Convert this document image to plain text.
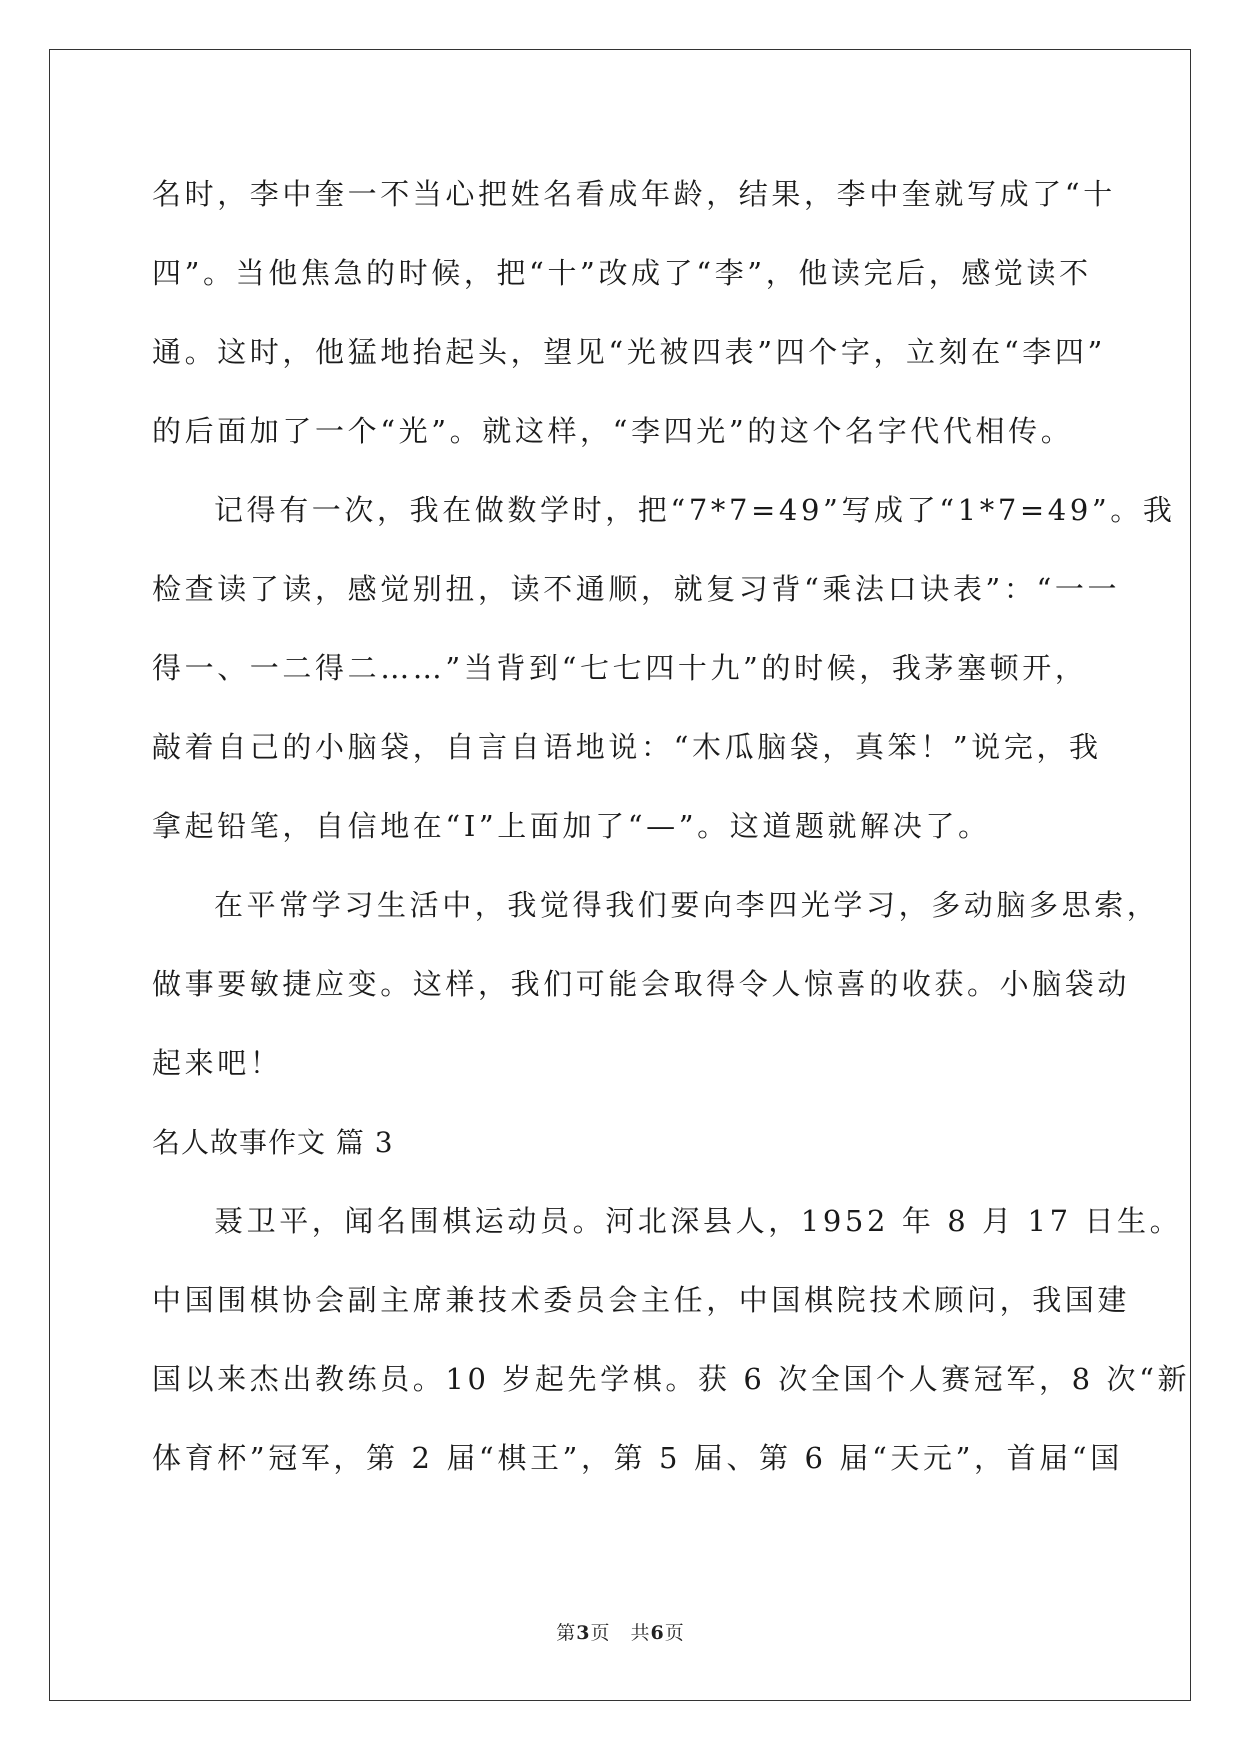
名时，李中奎一不当心把姓名看成年龄，结果，李中奎就写成了“十
四”。当他焦急的时候，把“十”改成了“李”，他读完后，感觉读不
通。这时，他猛地抬起头，望见“光被四表”四个字，立刻在“李四”
的后面加了一个“光”。就这样，“李四光”的这个名字代代相传。
记得有一次，我在做数学时，把“7*7=49”写成了“1*7=49”。我
检查读了读，感觉别扭，读不通顺，就复习背“乘法口诀表”：“一一
得一、一二得二……”当背到“七七四十九”的时候，我茅塞顿开，
敲着自己的小脑袋，自言自语地说：“木瓜脑袋，真笨！”说完，我
拿起铅笔，自信地在“I”上面加了“—”。这道题就解决了。
在平常学习生活中，我觉得我们要向李四光学习，多动脑多思索，
做事要敏捷应变。这样，我们可能会取得令人惊喜的收获。小脑袋动
起来吧！
名人故事作文 篇 3
聂卫平，闻名围棋运动员。河北深县人，1952 年 8 月 17 日生。
中国围棋协会副主席兼技术委员会主任，中国棋院技术顾问，我国建
国以来杰出教练员。10 岁起先学棋。获 6 次全国个人赛冠军，8 次“新
体育杯”冠军，第 2 届“棋王”，第 5 届、第 6 届“天元”，首届“国
第3页 共6页
